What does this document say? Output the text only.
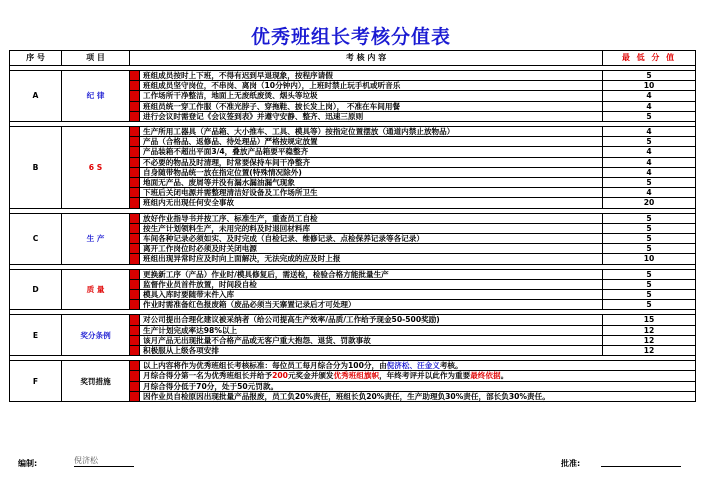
优秀班组长考核分值表
序 号	项 目	考 核 内 容		最 低 分 值

A	纪 律		班组成员按时上下班，不得有迟到早退现象，按程序请假	5
			班组成员坚守岗位，不串岗、离岗（10分钟内），上班时禁止玩手机或听音乐	10
			工作场所干净整洁，地面上无废纸废烫、烟头等垃圾	4
			班组员统一穿工作服（不准光脖子、穿拖鞋、披长发上岗）， 不准在车间用餐	4
			进行会议时需登记《会议签到表》并遵守安静、整齐、迅速三原则	5

B	6 S		生产所用工器具（产品箱、大小推车、工具、模具等）按指定位置摆放（通道内禁止放物品）	4
			产品（合格品、返修品、待处理品）严格按规定放置	5
			产品装箱不超出平面3/4，叠放产品箱要平稳整齐	4
			不必要的物品及时清理，时常要保持车间干净整齐	4
			自身随带物品统一放在指定位置(特殊情况除外)	4
			地面无产品、废屑等并没有漏水漏油漏气现象	5
			下班后关闭电源并需整理清洁好设备及工作场所卫生	4
			班组内无出现任何安全事故	20

C	生 产		放好作业指导书并按工序、标准生产，重查员工自检	5
			按生产计划领料生产，未用完的料及时退回材料库	5
			车间各种记录必须如实、及时完成（自检记录、维修记录、点检保养记录等各记录）	5
			离开工作岗位时必须及时关闭电源	5
			班组出现异常时应及时向上面解决，无法完成的应及时上报	10

D	质 量		更换新工序（产品）作业时/模具修复后，需送检，检验合格方能批量生产	5
			监督作业员首件放置，时间段自检	5
			模具入库时要随带末件入库	5
			作业时需准备红色报废箱（废品必须当天寨置记录后才可处理）	5

E	奖分条例		对公司提出合理化建议被采纳者（给公司提高生产效率/品质/工作给予现金50-500奖励)	15
			生产计划完成率达98%以上	12
			该月产品无出现批量不合格产品或无客户重大抱怨、退货、罚款事故	12
			积极服从上级各项安排	12

F	奖罚措施		以上内容将作为优秀班组长考核标准：每位员工每月综合分为100分，由倪济松、汪金义考核。	
			月综合得分第一名为优秀班组长并给予200元奖金并颁发优秀班组旗帜，年终考评并以此作为重要最终依据。	
			月综合得分低于70分，处于50元罚款。	
			因作业员自检原因出现批量产品报废，员工负20%责任，班组长负20%责任，生产助理负30%责任，部长负30%责任。	
编制:	倪济松	批准:
